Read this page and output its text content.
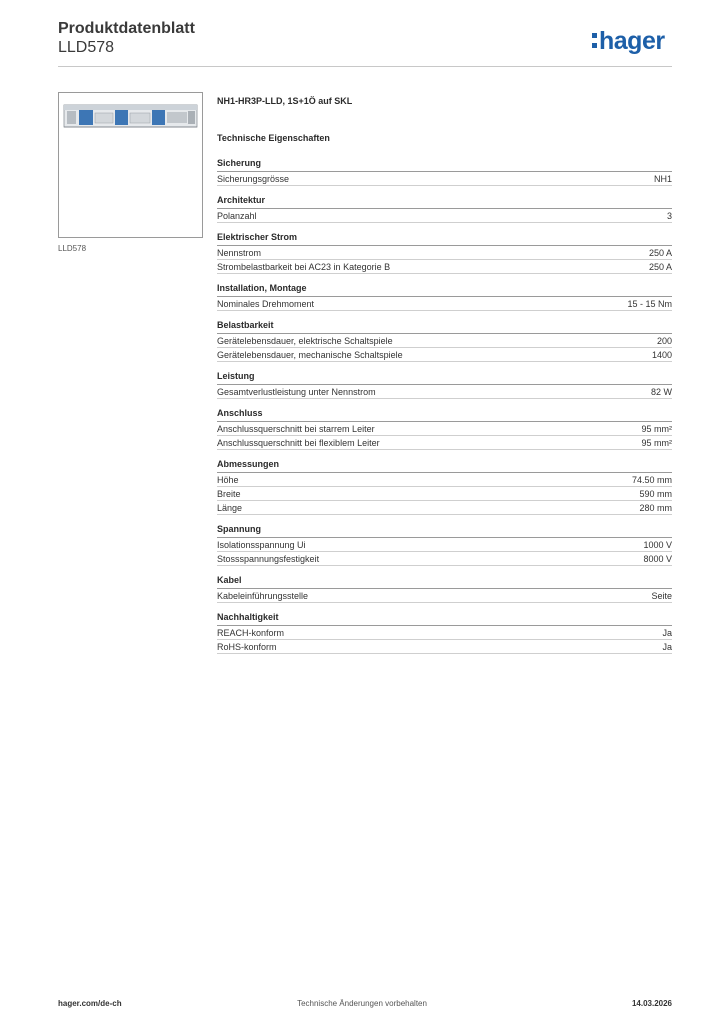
Produktdatenblatt
LLD578	hager
LLD578
NH1-HR3P-LLD, 1S+1Ö auf SKL
Technische Eigenschaften
Sicherung
Sicherungsgrösse	NH1
Architektur
Polanzahl	3
Elektrischer Strom
Nennstrom	250 A
Strombelastbarkeit bei AC23 in Kategorie B	250 A
Installation, Montage
Nominales Drehmoment	15 - 15 Nm
Belastbarkeit
Gerätelebensdauer, elektrische Schaltspiele	200
Gerätelebensdauer, mechanische Schaltspiele	1400
Leistung
Gesamtverlustleistung unter Nennstrom	82 W
Anschluss
Anschlussquerschnitt bei starrem Leiter	95 mm²
Anschlussquerschnitt bei flexiblem Leiter	95 mm²
Abmessungen
Höhe	74.50 mm
Breite	590 mm
Länge	280 mm
Spannung
Isolationsspannung Ui	1000 V
Stossspannungsfestigkeit	8000 V
Kabel
Kabeleinführungsstelle	Seite
Nachhaltigkeit
REACH-konform	Ja
RoHS-konform	Ja
hager.com/de-ch	Technische Änderungen vorbehalten	14.03.2026
